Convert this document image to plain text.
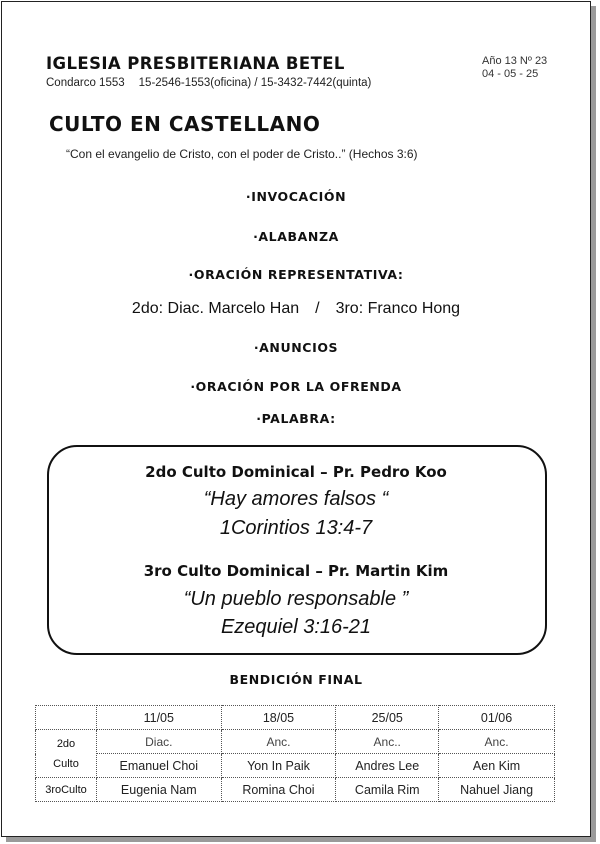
IGLESIA PRESBITERIANA BETEL
Condarco 1553 15-2546-1553(oficina) / 15-3432-7442(quinta)
Año 13 Nº 23
04 - 05 - 25
CULTO EN CASTELLANO
“Con el evangelio de Cristo, con el poder de Cristo..” (Hechos 3:6)
·INVOCACIÓN
·ALABANZA
·ORACIÓN REPRESENTATIVA:
2do: Diac. Marcelo Han / 3ro: Franco Hong
·ANUNCIOS
·ORACIÓN POR LA OFRENDA
·PALABRA:
2do Culto Dominical – Pr. Pedro Koo
“Hay amores falsos “
1Corintios 13:4-7
3ro Culto Dominical – Pr. Martin Kim
“Un pueblo responsable ”
Ezequiel 3:16-21
BENDICIÓN FINAL
	11/05	18/05	25/05	01/06

2do
Culto	Diac.	Anc.	Anc..	Anc.
	Emanuel Choi	Yon In Paik	Andres Lee	Aen Kim
3roCulto	Eugenia Nam	Romina Choi	Camila Rim	Nahuel Jiang
